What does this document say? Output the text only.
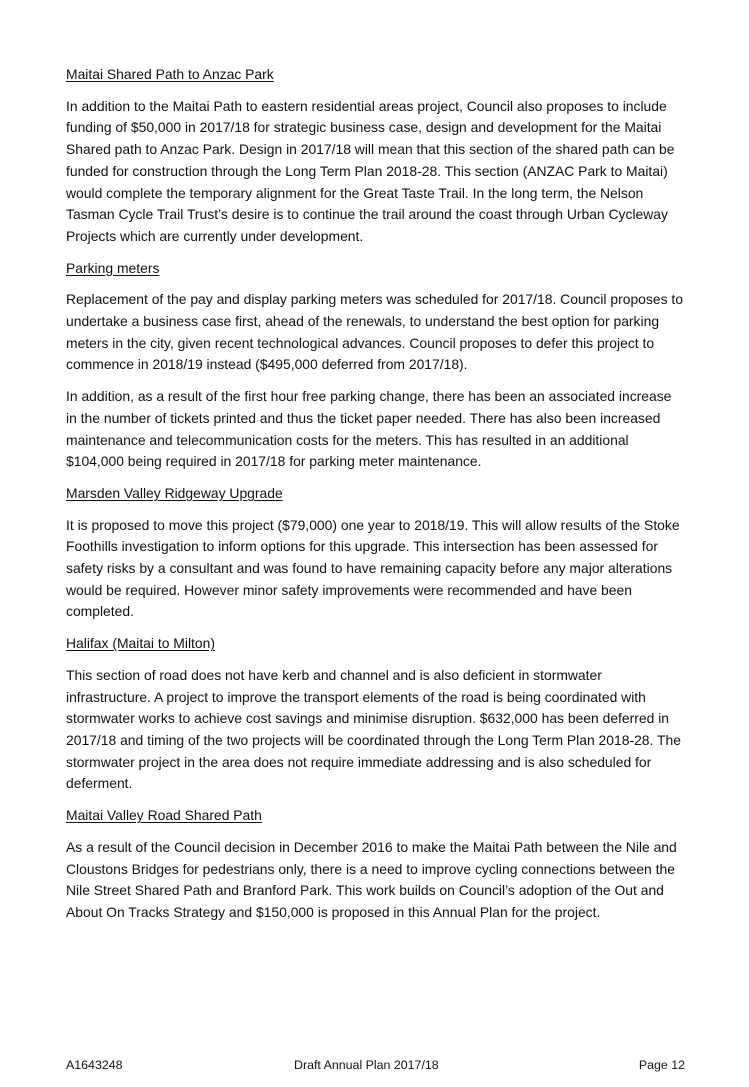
Maitai Shared Path to Anzac Park

In addition to the Maitai Path to eastern residential areas project, Council also proposes to include funding of $50,000 in 2017/18 for strategic business case, design and development for the Maitai Shared path to Anzac Park. Design in 2017/18 will mean that this section of the shared path can be funded for construction through the Long Term Plan 2018-28. This section (ANZAC Park to Maitai) would complete the temporary alignment for the Great Taste Trail. In the long term, the Nelson Tasman Cycle Trail Trust’s desire is to continue the trail around the coast through Urban Cycleway Projects which are currently under development.

Parking meters

Replacement of the pay and display parking meters was scheduled for 2017/18. Council proposes to undertake a business case first, ahead of the renewals, to understand the best option for parking meters in the city, given recent technological advances. Council proposes to defer this project to commence in 2018/19 instead ($495,000 deferred from 2017/18).

In addition, as a result of the first hour free parking change, there has been an associated increase in the number of tickets printed and thus the ticket paper needed. There has also been increased maintenance and telecommunication costs for the meters. This has resulted in an additional $104,000 being required in 2017/18 for parking meter maintenance.

Marsden Valley Ridgeway Upgrade

It is proposed to move this project ($79,000) one year to 2018/19. This will allow results of the Stoke Foothills investigation to inform options for this upgrade. This intersection has been assessed for safety risks by a consultant and was found to have remaining capacity before any major alterations would be required. However minor safety improvements were recommended and have been completed.

Halifax (Maitai to Milton)

This section of road does not have kerb and channel and is also deficient in stormwater infrastructure. A project to improve the transport elements of the road is being coordinated with stormwater works to achieve cost savings and minimise disruption. $632,000 has been deferred in 2017/18 and timing of the two projects will be coordinated through the Long Term Plan 2018-28. The stormwater project in the area does not require immediate addressing and is also scheduled for deferment.

Maitai Valley Road Shared Path

As a result of the Council decision in December 2016 to make the Maitai Path between the Nile and Cloustons Bridges for pedestrians only, there is a need to improve cycling connections between the Nile Street Shared Path and Branford Park. This work builds on Council’s adoption of the Out and About On Tracks Strategy and $150,000 is proposed in this Annual Plan for the project.

A1643248	Draft Annual Plan 2017/18	Page 12
